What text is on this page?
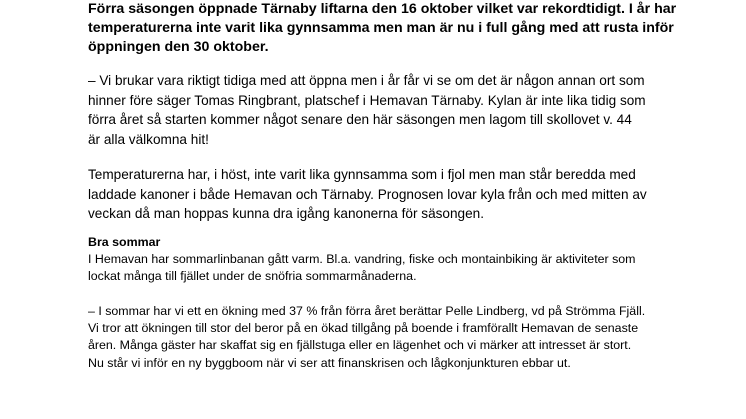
Förra säsongen öppnade Tärnaby liftarna den 16 oktober vilket var rekordtidigt. I år har
temperaturerna inte varit lika gynnsamma men man är nu i full gång med att rusta inför
öppningen den 30 oktober.
– Vi brukar vara riktigt tidiga med att öppna men i år får vi se om det är någon annan ort som
hinner före säger Tomas Ringbrant, platschef i Hemavan Tärnaby. Kylan är inte lika tidig som
förra året så starten kommer något senare den här säsongen men lagom till skollovet v. 44
är alla välkomna hit!
Temperaturerna har, i höst, inte varit lika gynnsamma som i fjol men man står beredda med
laddade kanoner i både Hemavan och Tärnaby. Prognosen lovar kyla från och med mitten av
veckan då man hoppas kunna dra igång kanonerna för säsongen.
Bra sommar
I Hemavan har sommarlinbanan gått varm. Bl.a. vandring, fiske och montainbiking är aktiviteter som
lockat många till fjället under de snöfria sommarmånaderna.
– I sommar har vi ett en ökning med 37 % från förra året berättar Pelle Lindberg, vd på Strömma Fjäll.
Vi tror att ökningen till stor del beror på en ökad tillgång på boende i framförallt Hemavan de senaste
åren. Många gäster har skaffat sig en fjällstuga eller en lägenhet och vi märker att intresset är stort.
Nu står vi inför en ny byggboom när vi ser att finanskrisen och lågkonjunkturen ebbar ut.
